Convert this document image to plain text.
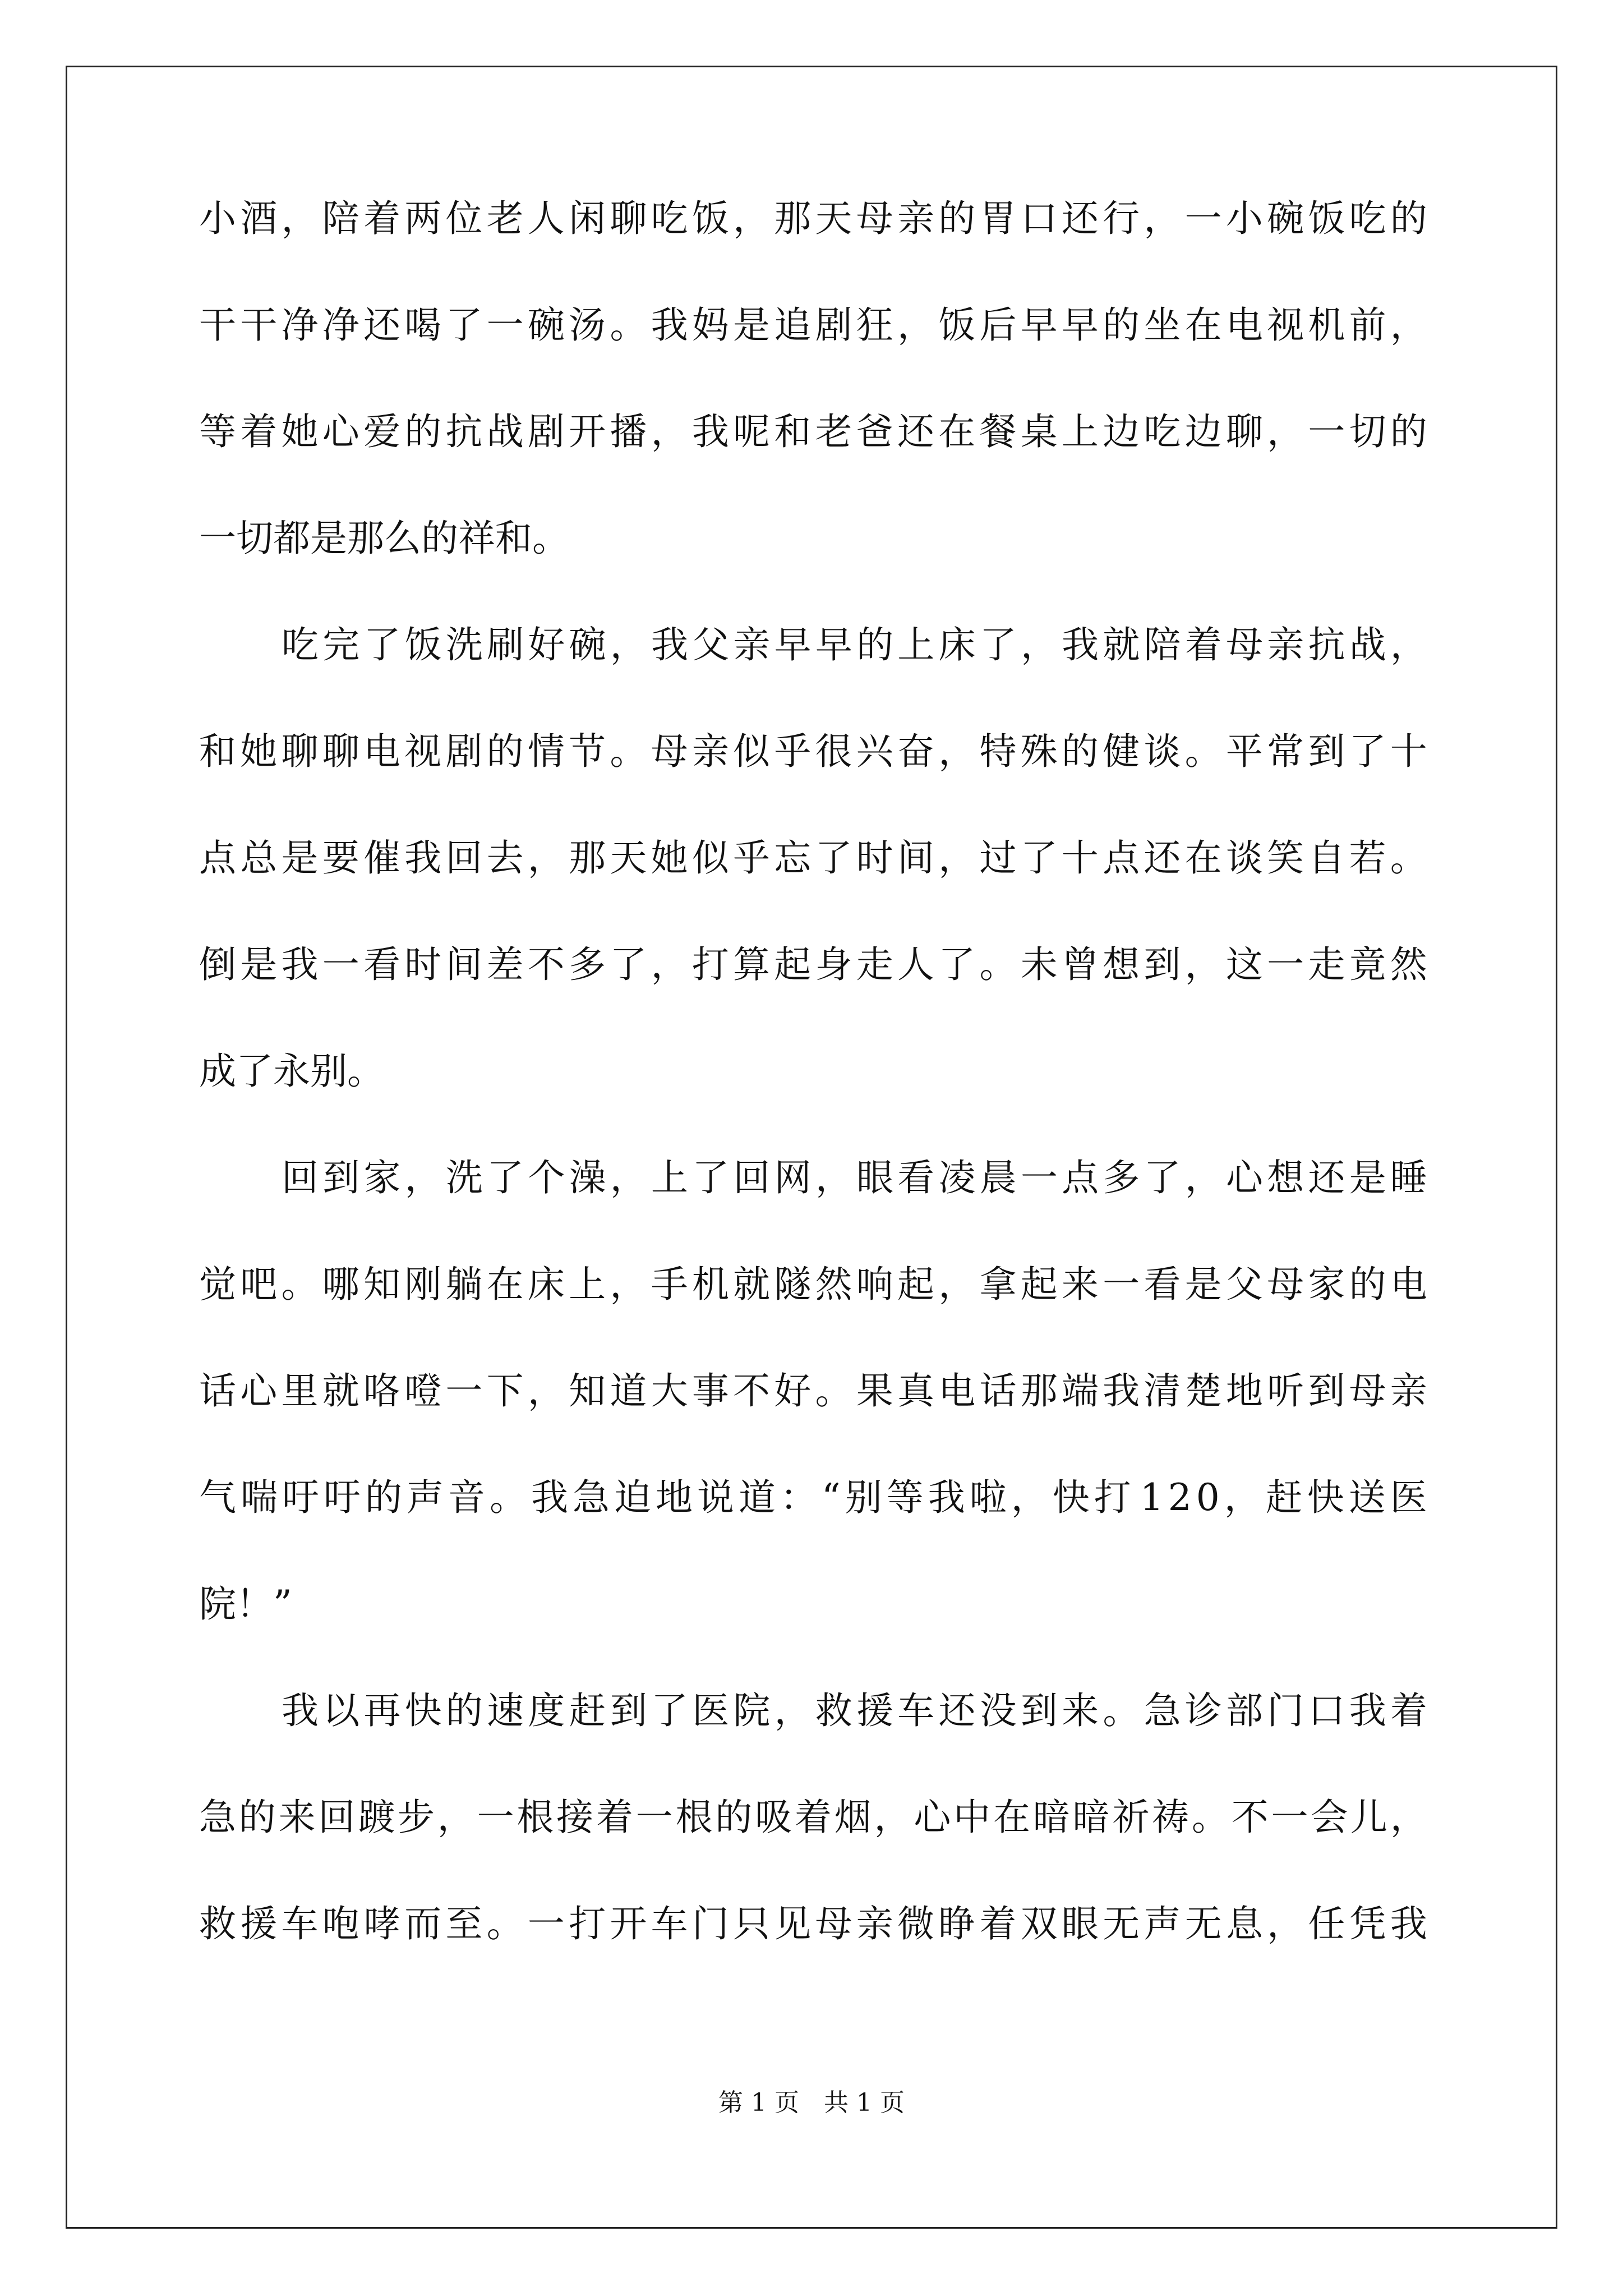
小 酒 ， 陪 着 两 位 老 人 闲 聊 吃 饭 ， 那 天 母 亲 的 胃 口 还 行 ， 一 小 碗 饭 吃 的
干 干 净 净 还 喝 了 一 碗 汤 。 我 妈 是 追 剧 狂 ， 饭 后 早 早 的 坐 在 电 视 机 前 ，
等 着 她 心 爱 的 抗 战 剧 开 播 ， 我 呢 和 老 爸 还 在 餐 桌 上 边 吃 边 聊 ， 一 切 的
一切都是那么的祥和。
吃 完 了 饭 洗 刷 好 碗 ， 我 父 亲 早 早 的 上 床 了 ， 我 就 陪 着 母 亲 抗 战 ，
和 她 聊 聊 电 视 剧 的 情 节 。 母 亲 似 乎 很 兴 奋 ， 特 殊 的 健 谈 。 平 常 到 了 十
点 总 是 要 催 我 回 去 ， 那 天 她 似 乎 忘 了 时 间 ， 过 了 十 点 还 在 谈 笑 自 若 。
倒 是 我 一 看 时 间 差 不 多 了 ， 打 算 起 身 走 人 了 。 未 曾 想 到 ， 这 一 走 竟 然
成了永别。
回 到 家 ， 洗 了 个 澡 ， 上 了 回 网 ， 眼 看 凌 晨 一 点 多 了 ， 心 想 还 是 睡
觉 吧 。 哪 知 刚 躺 在 床 上 ， 手 机 就 隧 然 响 起 ， 拿 起 来 一 看 是 父 母 家 的 电
话 心 里 就 咯 噔 一 下 ， 知 道 大 事 不 好 。 果 真 电 话 那 端 我 清 楚 地 听 到 母 亲
气 喘 吁 吁 的 声 音 。 我 急 迫 地 说 道 ： “ 别 等 我 啦 ， 快 打 1 2 0 ， 赶 快 送 医
院！”
我 以 再 快 的 速 度 赶 到 了 医 院 ， 救 援 车 还 没 到 来 。 急 诊 部 门 口 我 着
急 的 来 回 踱 步 ， 一 根 接 着 一 根 的 吸 着 烟 ， 心 中 在 暗 暗 祈 祷 。 不 一 会 儿 ，
救 援 车 咆 哮 而 至 。 一 打 开 车 门 只 见 母 亲 微 睁 着 双 眼 无 声 无 息 ， 任 凭 我
第 1 页　共 1 页
